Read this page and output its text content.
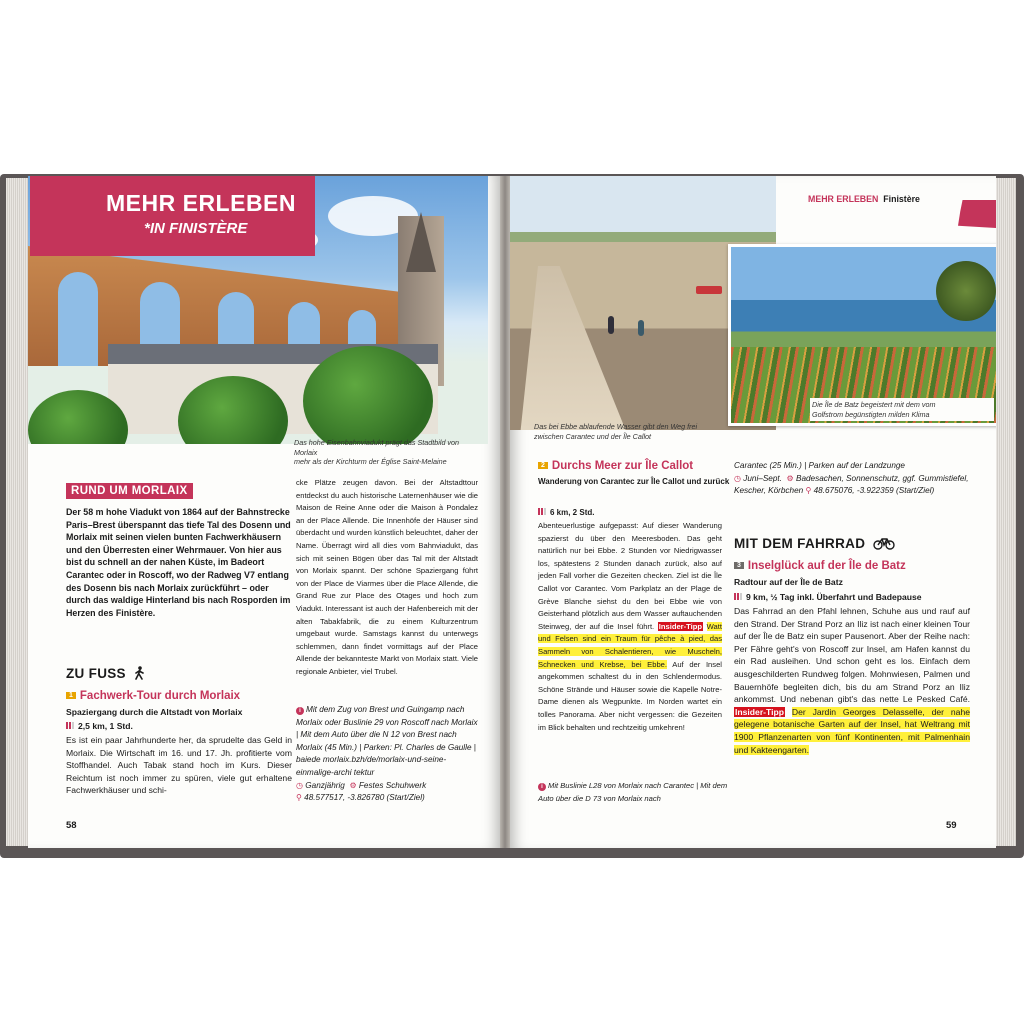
MEHR ERLEBEN
*IN FINISTÈRE
Das hohe Eisenbahnviadukt prägt das Stadtbild von Morlaix
mehr als der Kirchturm der Église Saint-Melaine
RUND UM MORLAIX
Der 58 m hohe Viadukt von 1864 auf der Bahnstrecke Paris–Brest überspannt das tiefe Tal des Dosenn und Morlaix mit seinen vielen bunten Fachwerkhäusern und den Überresten einer Wehrmauer. Von hier aus bist du schnell an der nahen Küste, im Badeort Carantec oder in Roscoff, wo der Radweg V7 entlang des Dosenn bis nach Morlaix zurückführt – oder durch das waldige Hinterland bis nach Rosporden im Herzen des Finistère.
ZU FUSS
1 Fachwerk-Tour durch Morlaix
Spaziergang durch die Altstadt von Morlaix
2,5 km, 1 Std.
Es ist ein paar Jahrhunderte her, da sprudelte das Geld in Morlaix. Die Wirtschaft im 16. und 17. Jh. profitierte vom Stoffhandel. Auch Tabak stand hoch im Kurs. Dieser Reichtum ist noch immer zu spüren, viele gut erhaltene Fachwerkhäuser und schi-
cke Plätze zeugen davon. Bei der Altstadttour entdeckst du auch historische Laternenhäuser wie die Maison de Reine Anne oder die Maison à Pondalez an der Place Allende. Die Innenhöfe der Häuser sind überdacht und wurden künstlich beleuchtet, daher der Name. Überragt wird all dies vom Bahnviadukt, das sich mit seinen Bögen über das Tal mit der Altstadt von Morlaix spannt. Der schöne Spaziergang führt von der Place de Viarmes über die Place Allende, die Grand Rue zur Place des Otages und hoch zum Viadukt. Interessant ist auch der Hafenbereich mit der alten Tabakfabrik, die zu einem Kulturzentrum umgebaut wurde. Samstags kannst du unterwegs schlemmen, dann findet vormittags auf der Place Allende der bekannteste Markt von Morlaix statt. Viele regionale Anbieter, viel Trubel.
i Mit dem Zug von Brest und Guingamp nach Morlaix oder Buslinie 29 von Roscoff nach Morlaix | Mit dem Auto über die N 12 von Brest nach Morlaix (45 Min.) | Parken: Pl. Charles de Gaulle | baiede morlaix.bzh/de/morlaix-und-seine-einmalige-archi tektur
◷ Ganzjährig ⚙ Festes Schuhwerk
⚲ 48.577517, -3.826780 (Start/Ziel)
58
Das bei Ebbe ablaufende Wasser gibt den Weg frei
zwischen Carantec und der Île Callot
MEHR ERLEBEN Finistère
Die Île de Batz begeistert mit dem vom
Golfstrom begünstigten milden Klima
2 Durchs Meer zur Île Callot
Wanderung von Carantec zur Île Callot und zurück
6 km, 2 Std.
Abenteuerlustige aufgepasst: Auf dieser Wanderung spazierst du über den Meeresboden. Das geht natürlich nur bei Ebbe. 2 Stunden vor Niedrigwasser los, spätestens 2 Stunden danach zurück, also auf jeden Fall vorher die Gezeiten checken. Ziel ist die Île Callot vor Carantec. Vom Parkplatz an der Plage de Grève Blanche siehst du den bei Ebbe wie von Geisterhand plötzlich aus dem Wasser auftauchenden Steinweg, der auf die Insel führt. Insider-Tipp Watt und Felsen sind ein Traum für pêche à pied, das Sammeln von Schalentieren, wie Muscheln, Schnecken und Krebse, bei Ebbe. Auf der Insel angekommen schaltest du in den Schlendermodus. Schöne Strände und Häuser sowie die Kapelle Notre-Dame dienen als Wegpunkte. Im Norden wartet ein tolles Panorama. Aber nicht vergessen: die Gezeiten im Blick behalten und rechtzeitig umkehren!
i Mit Buslinie L28 von Morlaix nach Carantec | Mit dem Auto über die D 73 von Morlaix nach
Carantec (25 Min.) | Parken auf der Landzunge
◷ Juni–Sept. ⚙ Badesachen, Sonnenschutz, ggf. Gummistiefel, Kescher, Körbchen ⚲ 48.675076, -3.922359 (Start/Ziel)
MIT DEM FAHRRAD
3 Inselglück auf der Île de Batz
Radtour auf der Île de Batz
9 km, ½ Tag inkl. Überfahrt und Badepause
Das Fahrrad an den Pfahl lehnen, Schuhe aus und rauf auf den Strand. Der Strand Porz an Iliz ist nach einer kleinen Tour auf der Île de Batz ein super Pausenort. Aber der Reihe nach: Per Fähre geht's von Roscoff zur Insel, am Hafen kannst du ein Rad ausleihen. Und schon geht es los. Einfach dem ausgeschilderten Rundweg folgen. Mohnwiesen, Palmen und Bauernhöfe begleiten dich, bis du am Strand Porz an Iliz ankommst. Und nebenan gibt's das nette Le Pesked Café. Insider-Tipp Der Jardin Georges Delasselle, der nahe gelegene botanische Garten auf der Insel, hat Weltrang mit 1900 Pflanzenarten von fünf Kontinenten, mit Palmenhain und Kakteengarten.
59
